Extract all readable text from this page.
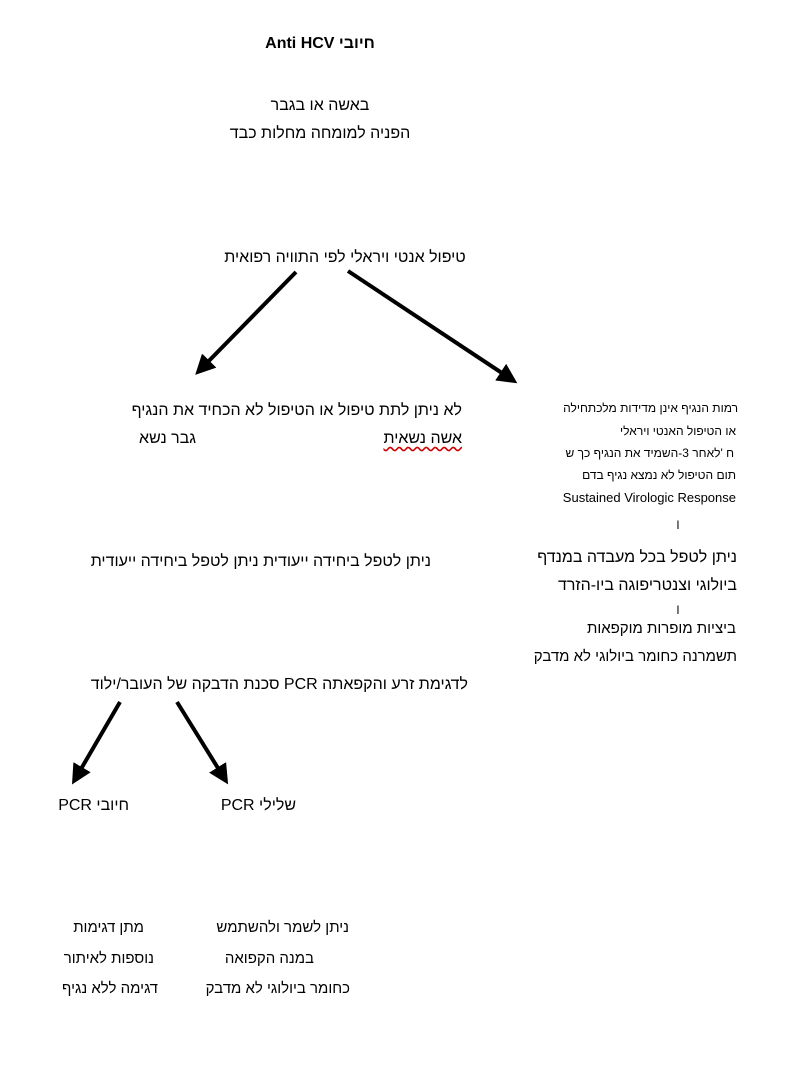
חיובי Anti HCV
באשה או בגבר
הפניה למומחה מחלות כבד
טיפול אנטי ויראלי לפי התוויה רפואית
לא ניתן לתת טיפול או הטיפול לא הכחיד את הנגיף
גבר נשא	אשה נשאית
ניתן לטפל ביחידה ייעודית ניתן לטפל ביחידה ייעודית
לדגימת זרע והקפאתה PCR סכנת הדבקה של העובר/ילוד
חיובי PCR	שלילי PCR
מתן דגימות
נוספות לאיתור
דגימה ללא נגיף
ניתן לשמר ולהשתמש
במנה הקפואה
כחומר ביולוגי לא מדבק
רמות הנגיף אינן מדידות מלכתחילה
או הטיפול האנטי ויראלי
ח 'לאחר 3-השמיד את הנגיף כך ש
תום הטיפול לא נמצא נגיף בדם
Sustained Virologic Response
l
ניתן לטפל בכל מעבדה במנדף
ביולוגי וצנטריפוגה ביו-הזרד
l
ביציות מופרות מוקפאות
תשמרנה כחומר ביולוגי לא מדבק
